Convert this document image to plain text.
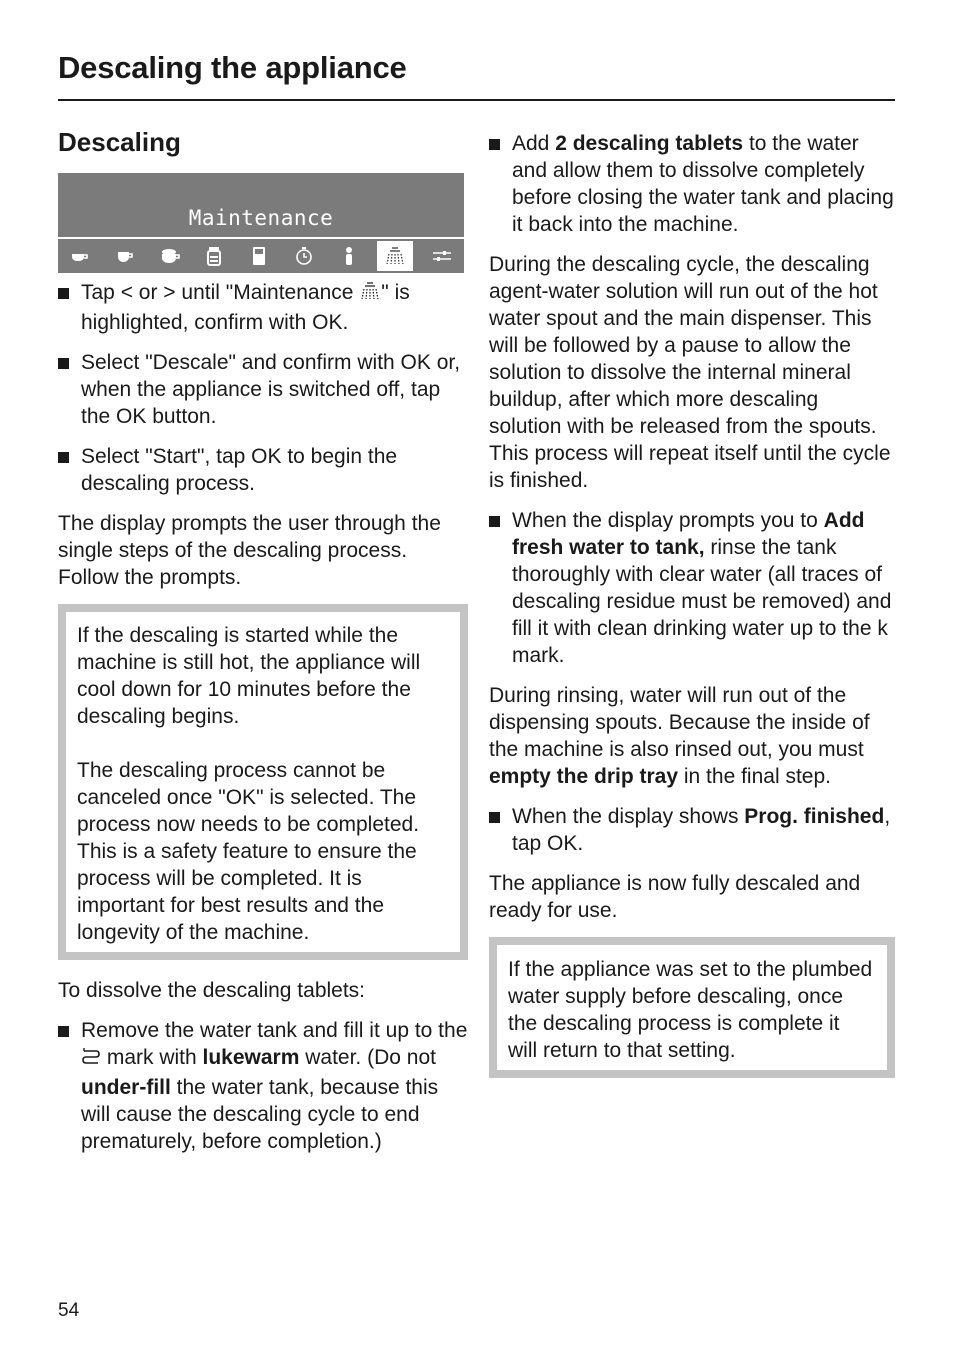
Descaling the appliance
Descaling
Maintenance

Tap < or > until "Maintenance " is highlighted, confirm with OK.

Select "Descale" and confirm with OK or, when the appliance is switched off, tap the OK button.

Select "Start", tap OK to begin the descaling process.

The display prompts the user through the single steps of the descaling process. Follow the prompts.

If the descaling is started while the machine is still hot, the appliance will cool down for 10 minutes before the descaling begins.

The descaling process cannot be canceled once "OK" is selected. The process now needs to be completed. This is a safety feature to ensure the process will be completed. It is important for best results and the longevity of the machine.

To dissolve the descaling tablets:

Remove the water tank and fill it up to the  mark with lukewarm water. (Do not under-fill the water tank, because this will cause the descaling cycle to end prematurely, before completion.)

Add 2 descaling tablets to the water and allow them to dissolve completely before closing the water tank and placing it back into the machine.

During the descaling cycle, the descaling agent-water solution will run out of the hot water spout and the main dispenser. This will be followed by a pause to allow the solution to dissolve the internal mineral buildup, after which more descaling solution with be released from the spouts. This process will repeat itself until the cycle is finished.

When the display prompts you to Add fresh water to tank, rinse the tank thoroughly with clear water (all traces of descaling residue must be removed) and fill it with clean drinking water up to the k mark.

During rinsing, water will run out of the dispensing spouts. Because the inside of the machine is also rinsed out, you must empty the drip tray in the final step.

When the display shows Prog. finished, tap OK.

The appliance is now fully descaled and ready for use.

If the appliance was set to the plumbed water supply before descaling, once the descaling process is complete it will return to that setting.

54
